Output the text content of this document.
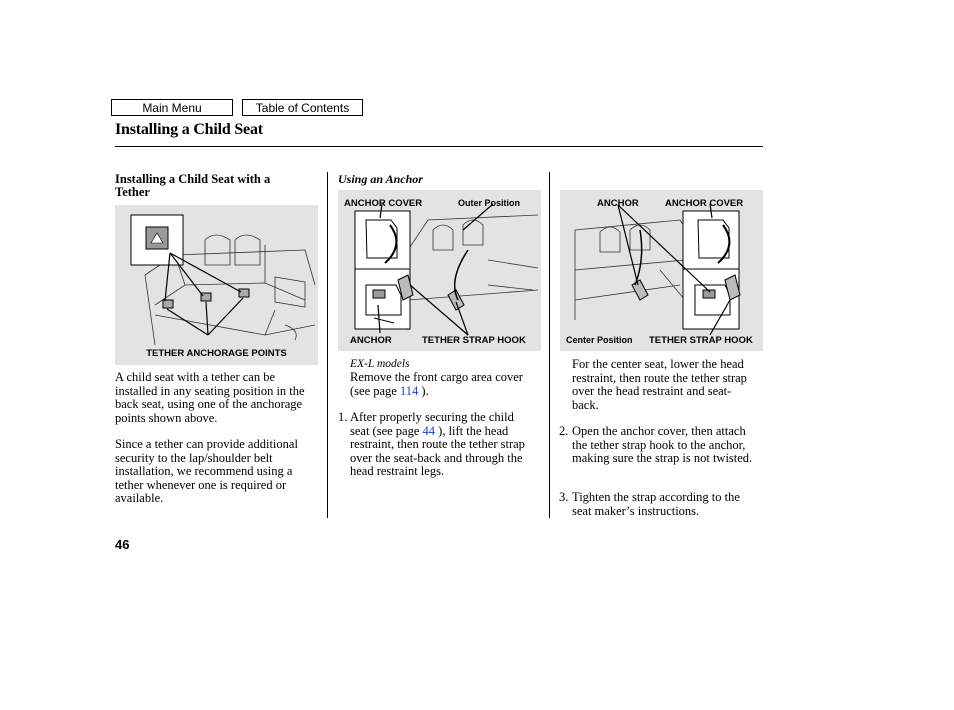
Main Menu	Table of Contents
Installing a Child Seat
Installing a Child Seat with a Tether
TETHER ANCHORAGE POINTS
A child seat with a tether can be installed in any seating position in the back seat, using one of the anchorage points shown above.
Since a tether can provide additional security to the lap/shoulder belt installation, we recommend using a tether whenever one is required or available.
Using an Anchor
ANCHOR COVER	Outer Position
ANCHOR	TETHER STRAP HOOK
EX-L models
Remove the front cargo area cover (see page 114 ).
1. After properly securing the child seat (see page 44 ), lift the head restraint, then route the tether strap over the seat-back and through the head restraint legs.
ANCHOR	ANCHOR COVER
Center Position TETHER STRAP HOOK
For the center seat, lower the head restraint, then route the tether strap over the head restraint and seat-back.
2. Open the anchor cover, then attach the tether strap hook to the anchor, making sure the strap is not twisted.
3. Tighten the strap according to the seat maker’s instructions.
46
